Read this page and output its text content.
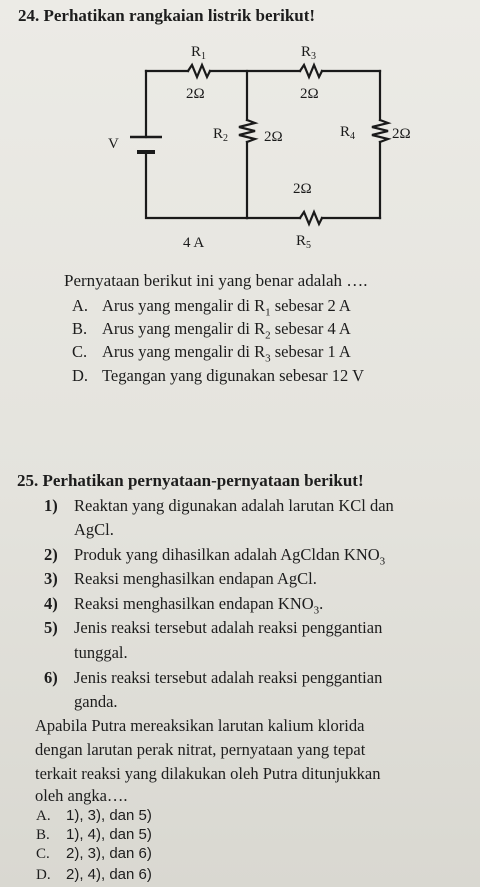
24. Perhatikan rangkaian listrik berikut!
$R_1$
2Ω
$R_3$
2Ω
$R_2$ 2Ω	$R_4$ 2Ω
2Ω
$R_5$
V
4 A
Pernyataan berikut ini yang benar adalah ….
A. Arus yang mengalir di $R_1$ sebesar 2 A
B. Arus yang mengalir di $R_2$ sebesar 4 A
C. Arus yang mengalir di $R_3$ sebesar 1 A
D. Tegangan yang digunakan sebesar 12 V
25. Perhatikan pernyataan-pernyataan berikut!
1) Reaktan yang digunakan adalah larutan KCl dan
AgCl.
2) Produk yang dihasilkan adalah AgCldan $KNO_3$
3) Reaksi menghasilkan endapan AgCl.
4) Reaksi menghasilkan endapan $KNO_3$.
5) Jenis reaksi tersebut adalah reaksi penggantian
tunggal.
6) Jenis reaksi tersebut adalah reaksi penggantian
ganda.
Apabila Putra mereaksikan larutan kalium klorida
dengan larutan perak nitrat, pernyataan yang tepat
terkait reaksi yang dilakukan oleh Putra ditunjukkan
oleh angka….
A. 1), 3), dan 5)
B. 1), 4), dan 5)
C. 2), 3), dan 6)
D. 2), 4), dan 6)
